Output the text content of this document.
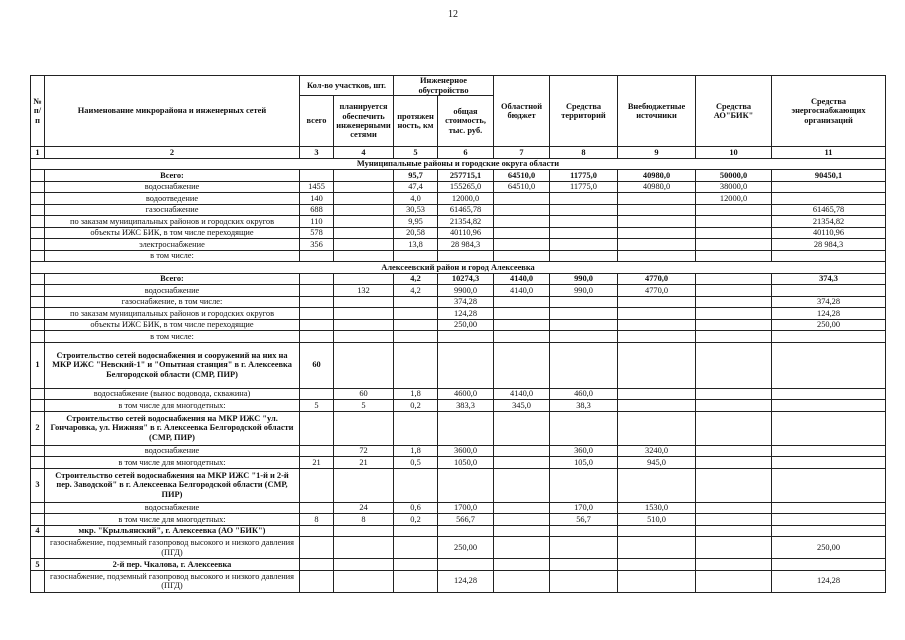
12
№ п/п	Наименование микрорайона и инженерных сетей	Кол-во участков, шт.		Инженерное обустройство		Областной бюджет	Средства территорий	Внебюджетные источники	Средства АО"БИК"	Средства энергоснабжающих организаций
		всего	планируется обеспечить инженерными сетями	протяжен ность, км	общая стоимость, тыс. руб.					
1	2	3	4	5	6	7	8	9	10	11
Муниципальные районы и городские округа области										
	Всего:			95,7	257715,1	64510,0	11775,0	40980,0	50000,0	90450,1
	водоснабжение	1455		47,4	155265,0	64510,0	11775,0	40980,0	38000,0	
	водоотведение	140		4,0	12000,0				12000,0	
	газоснабжение	688		30,53	61465,78					61465,78
	по заказам муниципальных районов и городских округов	110		9,95	21354,82					21354,82
	объекты ИЖС БИК, в том числе переходящие	578		20,58	40110,96					40110,96
	электроснабжение	356		13,8	28 984,3					28 984,3
	в том числе:									
Алексеевский район и город Алексеевка										
	Всего:			4,2	10274,3	4140,0	990,0	4770,0		374,3
	водоснабжение		132	4,2	9900,0	4140,0	990,0	4770,0		
	газоснабжение, в том числе:				374,28					374,28
	по заказам муниципальных районов и городских округов				124,28					124,28
	объекты ИЖС БИК, в том числе переходящие				250,00					250,00
	в том числе:									
1	Строительство сетей водоснабжения и сооружений на них на МКР ИЖС "Невский-1" и "Опытная станция" в г. Алексеевка Белгородской области (СМР, ПИР)	60								
	водоснабжение (вынос водовода, скважина)		60	1,8	4600,0	4140,0	460,0			
	в том числе для многодетных:	5	5	0,2	383,3	345,0	38,3			
2	Строительство сетей водоснабжения на МКР ИЖС "ул. Гончаровка, ул. Нижняя" в г. Алексеевка Белгородской области (СМР, ПИР)									
	водоснабжение		72	1,8	3600,0		360,0	3240,0		
	в том числе для многодетных:	21	21	0,5	1050,0		105,0	945,0		
3	Строительство сетей водоснабжения на МКР ИЖС "1-й и 2-й пер. Заводской" в г. Алексеевка Белгородской области (СМР, ПИР)									
	водоснабжение		24	0,6	1700,0		170,0	1530,0		
	в том числе для многодетных:	8	8	0,2	566,7		56,7	510,0		
4	мкр. "Крыльянский", г. Алексеевка (АО "БИК")									
	газоснабжение, подземный газопровод высокого и низкого давления (ПГД)				250,00					250,00
5	2-й пер. Чкалова, г. Алексеевка									
	газоснабжение, подземный газопровод высокого и низкого давления (ПГД)				124,28					124,28
